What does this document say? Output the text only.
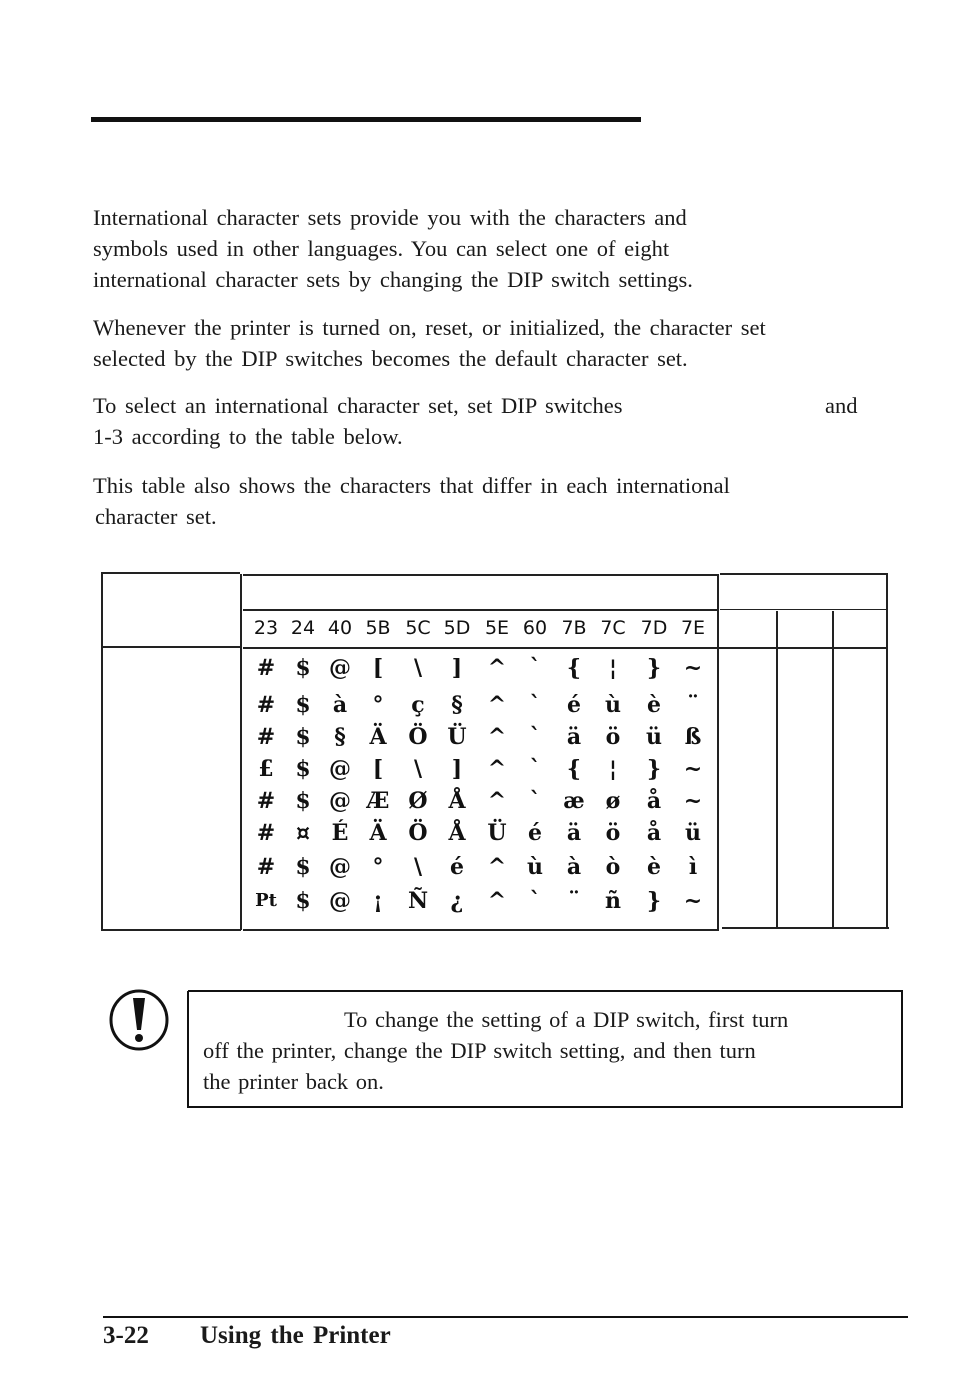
International character sets provide you with the characters and
symbols used in other languages. You can select one of eight
international character sets by changing the DIP switch settings.

Whenever the printer is turned on, reset, or initialized, the character set
selected by the DIP switches becomes the default character set.

To select an international character set, set DIP switches	and
1-3 according to the table below.

This table also shows the characters that differ in each international
character set.

23 24 40 5B 5C 5D 5E 60 7B 7C 7D 7E
# $ @ [	\	]	^	`	{	¦	}	~
# $	à	°	ç	§	^	`	é	ù	è	¨
# $	§	Ä Ö Ü ^	`	ä	ö	ü	ß
£ $ @ [	\	]	^	`	{	¦	}	~
# $ @ Æ Ø Å	^	`	æ ø	å	~
# ¤ É Ä Ö Å Ü é	ä	ö	å	ü
# $ @ °	\	é	^ ù	à	ò	è	ì
Pt $ @	¡	Ñ	¿	^	`	¨	ñ	}	~

To change the setting of a DIP switch, first turn
off the printer, change the DIP switch setting, and then turn
the printer back on.

3-22 Using the Printer
